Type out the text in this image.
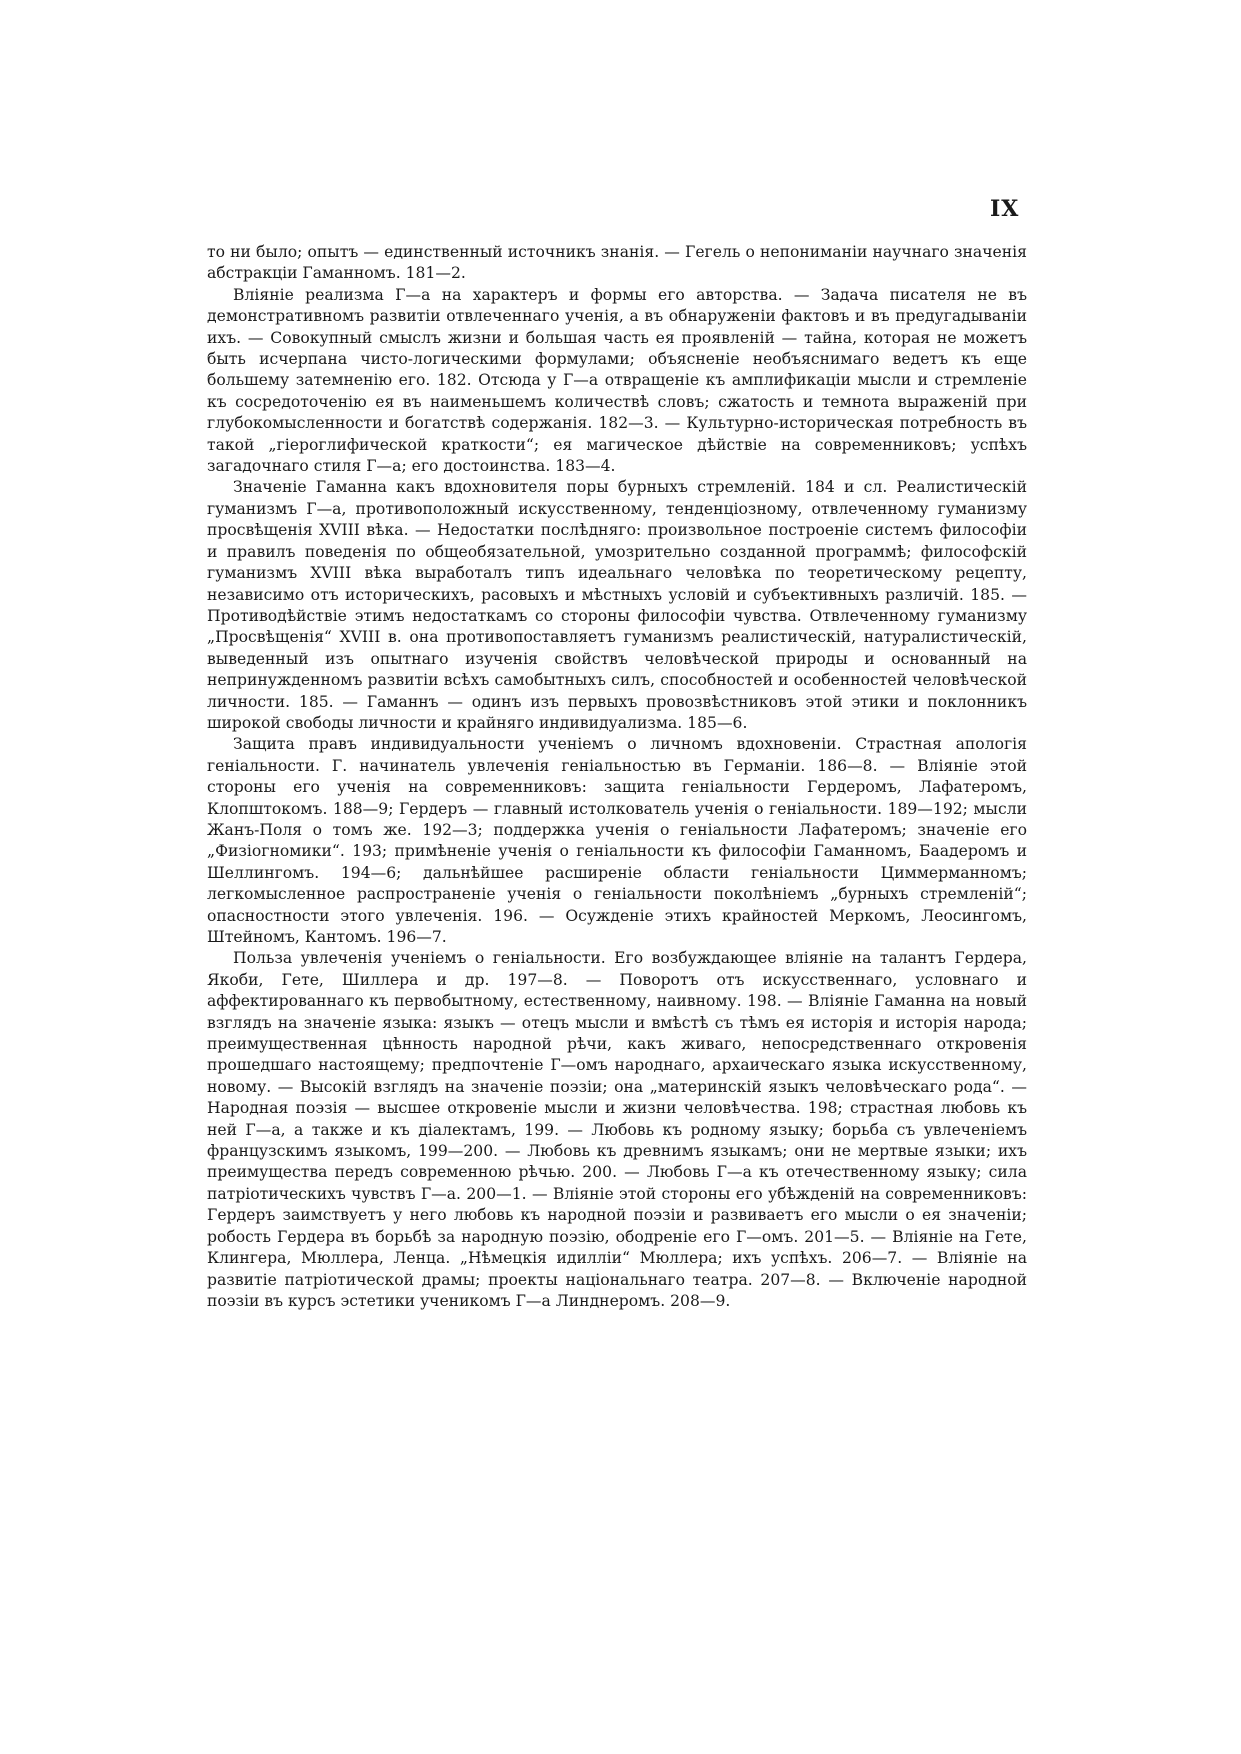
IX

то ни было; опытъ — единственный источникъ знанія. — Гегель о непониманіи научнаго значенія абстракціи Гаманномъ. 181—2.

Вліяніе реализма Г—а на характеръ и формы его авторства. — Задача писателя не въ демонстративномъ развитіи отвлеченнаго ученія, а въ обнаруженіи фактовъ и въ предугадываніи ихъ. — Совокупный смыслъ жизни и большая часть ея проявленій — тайна, которая не можетъ быть исчерпана чисто-логическими формулами; объясненіе необъяснимаго ведетъ къ еще большему затемненію его. 182. Отсюда у Г—а отвращеніе къ амплификаціи мысли и стремленіе къ сосредоточенію ея въ наименьшемъ количествѣ словъ; сжатость и темнота выраженій при глубокомысленности и богатствѣ содержанія. 182—3. — Культурно-историческая потребность въ такой „гіероглифической краткости“; ея магическое дѣйствіе на современниковъ; успѣхъ загадочнаго стиля Г—а; его достоинства. 183—4.

Значеніе Гаманна какъ вдохновителя поры бурныхъ стремленій. 184 и сл. Реалистическій гуманизмъ Г—а, противоположный искусственному, тенденціозному, отвлеченному гуманизму просвѣщенія XVIII вѣка. — Недостатки послѣдняго: произвольное построеніе системъ философіи и правилъ поведенія по общеобязательной, умозрительно созданной программѣ; философскій гуманизмъ XVIII вѣка выработалъ типъ идеальнаго человѣка по теоретическому рецепту, независимо отъ историческихъ, расовыхъ и мѣстныхъ условій и субъективныхъ различій. 185. — Противодѣйствіе этимъ недостаткамъ со стороны философіи чувства. Отвлеченному гуманизму „Просвѣщенія“ XVIII в. она противопоставляетъ гуманизмъ реалистическій, натуралистическій, выведенный изъ опытнаго изученія свойствъ человѣческой природы и основанный на непринужденномъ развитіи всѣхъ самобытныхъ силъ, способностей и особенностей человѣческой личности. 185. — Гаманнъ — одинъ изъ первыхъ провозвѣстниковъ этой этики и поклонникъ широкой свободы личности и крайняго индивидуализма. 185—6.

Защита правъ индивидуальности ученіемъ о личномъ вдохновеніи. Страстная апологія геніальности. Г. начинатель увлеченія геніальностью въ Германіи. 186—8. — Вліяніе этой стороны его ученія на современниковъ: защита геніальности Гердеромъ, Лафатеромъ, Клопштокомъ. 188—9; Гердеръ — главный истолкователь ученія о геніальности. 189—192; мысли Жанъ-Поля о томъ же. 192—3; поддержка ученія о геніальности Лафатеромъ; значеніе его „Физіогномики“. 193; примѣненіе ученія о геніальности къ философіи Гаманномъ, Баадеромъ и Шеллингомъ. 194—6; дальнѣйшее расширеніе области геніальности Циммерманномъ; легкомысленное распространеніе ученія о геніальности поколѣніемъ „бурныхъ стремленій“; опасностности этого увлеченія. 196. — Осужденіе этихъ крайностей Меркомъ, Леосингомъ, Штейномъ, Кантомъ. 196—7.

Польза увлеченія ученіемъ о геніальности. Его возбуждающее вліяніе на талантъ Гердера, Якоби, Гете, Шиллера и др. 197—8. — Поворотъ отъ искусственнаго, условнаго и аффектированнаго къ первобытному, естественному, наивному. 198. — Вліяніе Гаманна на новый взглядъ на значеніе языка: языкъ — отецъ мысли и вмѣстѣ съ тѣмъ ея исторія и исторія народа; преимущественная цѣнность народной рѣчи, какъ живаго, непосредственнаго откровенія прошедшаго настоящему; предпочтеніе Г—омъ народнаго, архаическаго языка искусственному, новому. — Высокій взглядъ на значеніе поэзіи; она „материнскій языкъ человѣческаго рода“. — Народная поэзія — высшее откровеніе мысли и жизни человѣчества. 198; страстная любовь къ ней Г—а, а также и къ діалектамъ, 199. — Любовь къ родному языку; борьба съ увлеченіемъ французскимъ языкомъ, 199—200. — Любовь къ древнимъ языкамъ; они не мертвые языки; ихъ преимущества передъ современною рѣчью. 200. — Любовь Г—а къ отечественному языку; сила патріотическихъ чувствъ Г—а. 200—1. — Вліяніе этой стороны его убѣжденій на современниковъ: Гердеръ заимствуетъ у него любовь къ народной поэзіи и развиваетъ его мысли о ея значеніи; робость Гердера въ борьбѣ за народную поэзію, ободреніе его Г—омъ. 201—5. — Вліяніе на Гете, Клингера, Мюллера, Ленца. „Нѣмецкія идилліи“ Мюллера; ихъ успѣхъ. 206—7. — Вліяніе на развитіе патріотической драмы; проекты національнаго театра. 207—8. — Включеніе народной поэзіи въ курсъ эстетики ученикомъ Г—а Линднеромъ. 208—9.
